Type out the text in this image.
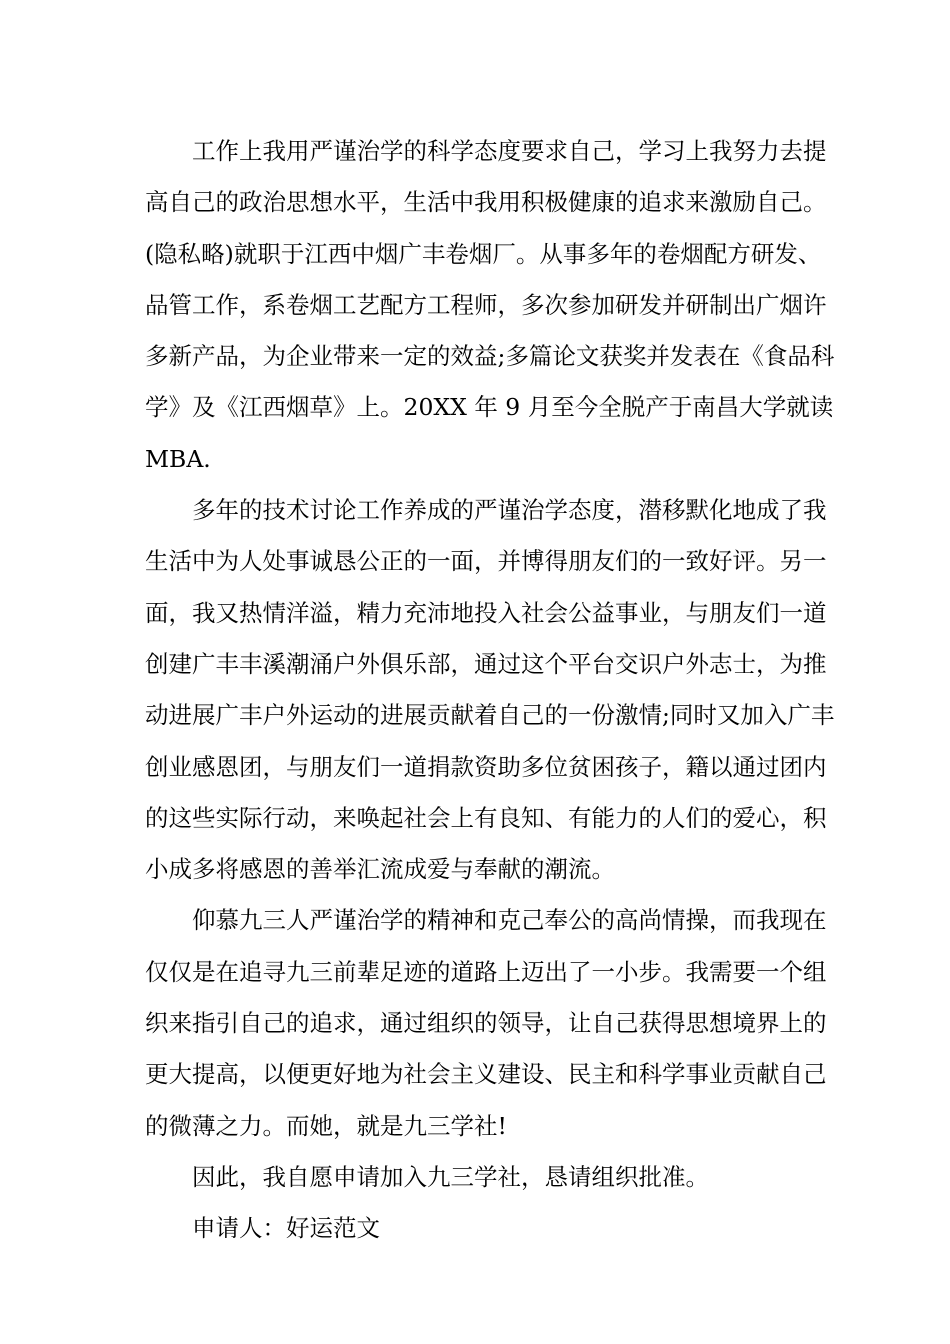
工作上我用严谨治学的科学态度要求自己，学习上我努力去提
高自己的政治思想水平，生活中我用积极健康的追求来激励自己。
(隐私略)就职于江西中烟广丰卷烟厂。从事多年的卷烟配方研发、
品管工作，系卷烟工艺配方工程师，多次参加研发并研制出广烟许
多新产品，为企业带来一定的效益;多篇论文获奖并发表在《食品科
学》及《江西烟草》上。20XX 年 9 月至今全脱产于南昌大学就读
MBA.

多年的技术讨论工作养成的严谨治学态度，潜移默化地成了我
生活中为人处事诚恳公正的一面，并博得朋友们的一致好评。另一
面，我又热情洋溢，精力充沛地投入社会公益事业，与朋友们一道
创建广丰丰溪潮涌户外俱乐部，通过这个平台交识户外志士，为推
动进展广丰户外运动的进展贡献着自己的一份激情;同时又加入广丰
创业感恩团，与朋友们一道捐款资助多位贫困孩子，籍以通过团内
的这些实际行动，来唤起社会上有良知、有能力的人们的爱心，积
小成多将感恩的善举汇流成爱与奉献的潮流。

仰慕九三人严谨治学的精神和克己奉公的高尚情操，而我现在
仅仅是在追寻九三前辈足迹的道路上迈出了一小步。我需要一个组
织来指引自己的追求，通过组织的领导，让自己获得思想境界上的
更大提高，以便更好地为社会主义建设、民主和科学事业贡献自己
的微薄之力。而她，就是九三学社!

因此，我自愿申请加入九三学社，恳请组织批准。

申请人：好运范文
